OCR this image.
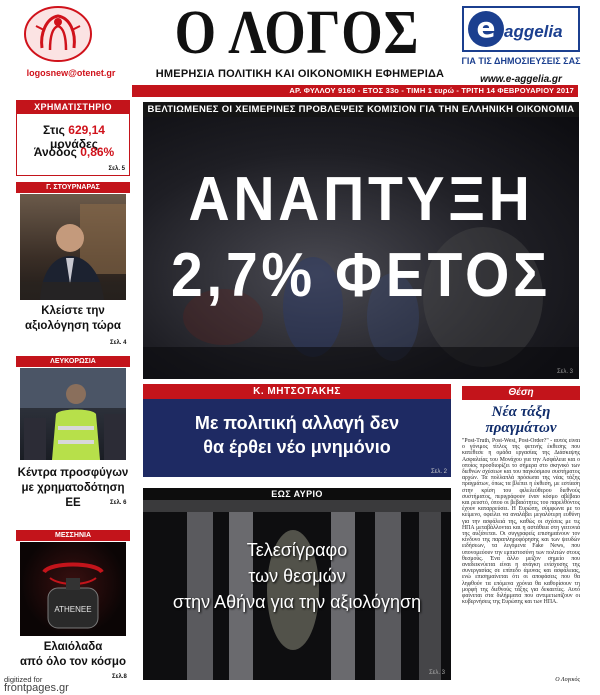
logosnew@otenet.gr
Ο ΛΟΓΟΣ
ΗΜΕΡΗΣΙΑ ΠΟΛΙΤΙΚΗ ΚΑΙ ΟΙΚΟΝΟΜΙΚΗ ΕΦΗΜΕΡΙΔΑ
e aggelia
ΓΙΑ ΤΙΣ ΔΗΜΟΣΙΕΥΣΕΙΣ ΣΑΣ
www.e-aggelia.gr
ΑΡ. ΦΥΛΛΟΥ 9160 - ΕΤΟΣ 33ο - ΤΙΜΗ 1 ευρώ - ΤΡΙΤΗ 14 ΦΕΒΡΟΥΑΡΙΟΥ 2017
ΧΡΗΜΑΤΙΣΤΗΡΙΟ
Στις 629,14 μονάδες
Άνοδος 0,86%
Σελ. 5
Γ. ΣΤΟΥΡΝΑΡΑΣ
Κλείστε την
αξιολόγηση τώρα
Σελ. 4
ΛΕΥΚΟΡΩΣΙΑ
Κέντρα προσφύγων
με χρηματοδότηση ΕΕ	Σελ. 6
ΜΕΣΣΗΝΙΑ
ATHENEE
Ελαιόλαδα
από όλο τον κόσμο
Σελ.8
ΒΕΛΤΙΩΜΕΝΕΣ ΟΙ ΧΕΙΜΕΡΙΝΕΣ ΠΡΟΒΛΕΨΕΙΣ ΚΟΜΙΣΙΟΝ ΓΙΑ ΤΗΝ ΕΛΛΗΝΙΚΗ ΟΙΚΟΝΟΜΙΑ
ΑΝΑΠΤΥΞΗ
2,7% ΦΕΤΟΣ
Σελ. 3
Κ. ΜΗΤΣΟΤΑΚΗΣ
Με πολιτική αλλαγή δεν
θα έρθει νέο μνημόνιο
Σελ. 2
ΕΩΣ ΑΥΡΙΟ
Τελεσίγραφο
των θεσμών
στην Αθήνα για την αξιολόγηση
Σελ. 3
Θέση
Νέα τάξη
πραγμάτων
"Post-Truth, Post-West, Post-Order?" - αυτός είναι ο γόνιμος τίτλος της φετινής έκθεσης που κατέθεσε η ομάδα εργασίας της Διάσκεψης Ασφαλείας του Μονάχου για την Ασφάλεια και ο οποίος προσδιορίζει το σήμερα στο σκηνικό των διεθνών σχέσεων και του παγκόσμιου συστήματος αρχών. Τα πολλαπλά πρόσωπα της νέας τάξης πραγμάτων, όπως τα βλέπει η έκθεση, με εστίαση στην κρίση του φιλελεύθερου διεθνούς συστήματος, περιγράφουν έναν κόσμο αβέβαιο και ρευστό, όπου οι βεβαιότητες του παρελθόντος έχουν καταρρεύσει. Η Ευρώπη, σύμφωνα με το κείμενο, οφείλει να αναλάβει μεγαλύτερη ευθύνη για την ασφάλειά της, καθώς οι σχέσεις με τις ΗΠΑ μεταβάλλονται και η αστάθεια στη γειτονιά της αυξάνεται. Οι συγγραφείς επισημαίνουν τον κίνδυνο της παραπληροφόρησης και των ψευδών ειδήσεων, τα λεγόμενα Fake News, που υπονομεύουν την εμπιστοσύνη των πολιτών στους θεσμούς. Ένα άλλο μείζον σημείο που αναδεικνύεται είναι η ανάγκη ενίσχυσης της συνεργασίας σε επίπεδο άμυνας και ασφάλειας, ενώ επισημαίνεται ότι οι αποφάσεις που θα ληφθούν τα επόμενα χρόνια θα καθορίσουν τη μορφή της διεθνούς τάξης για δεκαετίες. Αυτό φαίνεται στα διλήμματα που αντιμετωπίζουν οι κυβερνήσεις της Ευρώπης και των ΗΠΑ.
Ο Λογικός
digitized for
frontpages.gr
